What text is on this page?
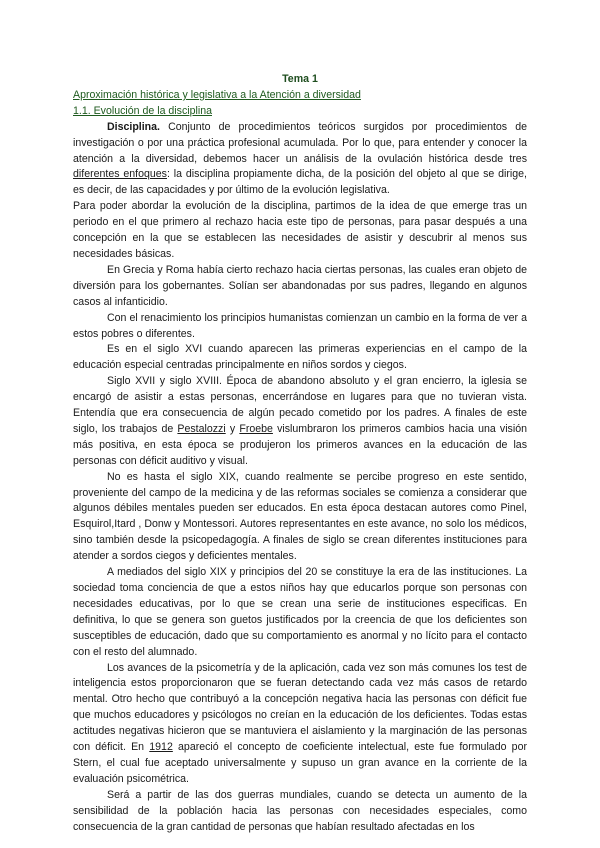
Tema 1

Aproximación histórica y legislativa a la Atención a diversidad

1.1. Evolución de la disciplina

Disciplina. Conjunto de procedimientos teóricos surgidos por procedimientos de investigación o por una práctica profesional acumulada. Por lo que, para entender y conocer la atención a la diversidad, debemos hacer un análisis de la ovulación histórica desde tres diferentes enfoques: la disciplina propiamente dicha, de la posición del objeto al que se dirige, es decir, de las capacidades y por último de la evolución legislativa.

Para poder abordar la evolución de la disciplina, partimos de la idea de que emerge tras un periodo en el que primero al rechazo hacia este tipo de personas, para pasar después a una concepción en la que se establecen las necesidades de asistir y descubrir al menos sus necesidades básicas.

En Grecia y Roma había cierto rechazo hacia ciertas personas, las cuales eran objeto de diversión para los gobernantes. Solían ser abandonadas por sus padres, llegando en algunos casos al infanticidio.

Con el renacimiento los principios humanistas comienzan un cambio en la forma de ver a estos pobres o diferentes.

Es en el siglo XVI cuando aparecen las primeras experiencias en el campo de la educación especial centradas principalmente en niños sordos y ciegos.

Siglo XVII y siglo XVIII. Época de abandono absoluto y el gran encierro, la iglesia se encargó de asistir a estas personas, encerrándose en lugares para que no tuvieran vista. Entendía que era consecuencia de algún pecado cometido por los padres. A finales de este siglo, los trabajos de Pestalozzi y Froebe vislumbraron los primeros cambios hacia una visión más positiva, en esta época se produjeron los primeros avances en la educación de las personas con déficit auditivo y visual.

No es hasta el siglo XIX, cuando realmente se percibe progreso en este sentido, proveniente del campo de la medicina y de las reformas sociales se comienza a considerar que algunos débiles mentales pueden ser educados. En esta época destacan autores como Pinel, Esquirol,Itard , Donw y Montessori. Autores representantes en este avance, no solo los médicos, sino también desde la psicopedagogía. A finales de siglo se crean diferentes instituciones para atender a sordos ciegos y deficientes mentales.

A mediados del siglo XIX y principios del 20 se constituye la era de las instituciones. La sociedad toma conciencia de que a estos niños hay que educarlos porque son personas con necesidades educativas, por lo que se crean una serie de instituciones especificas. En definitiva, lo que se genera son guetos justificados por la creencia de que los deficientes son susceptibles de educación, dado que su comportamiento es anormal y no lícito para el contacto con el resto del alumnado.

Los avances de la psicometría y de la aplicación, cada vez son más comunes los test de inteligencia estos proporcionaron que se fueran detectando cada vez más casos de retardo mental. Otro hecho que contribuyó a la concepción negativa hacia las personas con déficit fue que muchos educadores y psicólogos no creían en la educación de los deficientes. Todas estas actitudes negativas hicieron que se mantuviera el aislamiento y la marginación de las personas con déficit. En 1912 apareció el concepto de coeficiente intelectual, este fue formulado por Stern, el cual fue aceptado universalmente y supuso un gran avance en la corriente de la evaluación psicométrica.

Será a partir de las dos guerras mundiales, cuando se detecta un aumento de la sensibilidad de la población hacia las personas con necesidades especiales, como consecuencia de la gran cantidad de personas que habían resultado afectadas en los
